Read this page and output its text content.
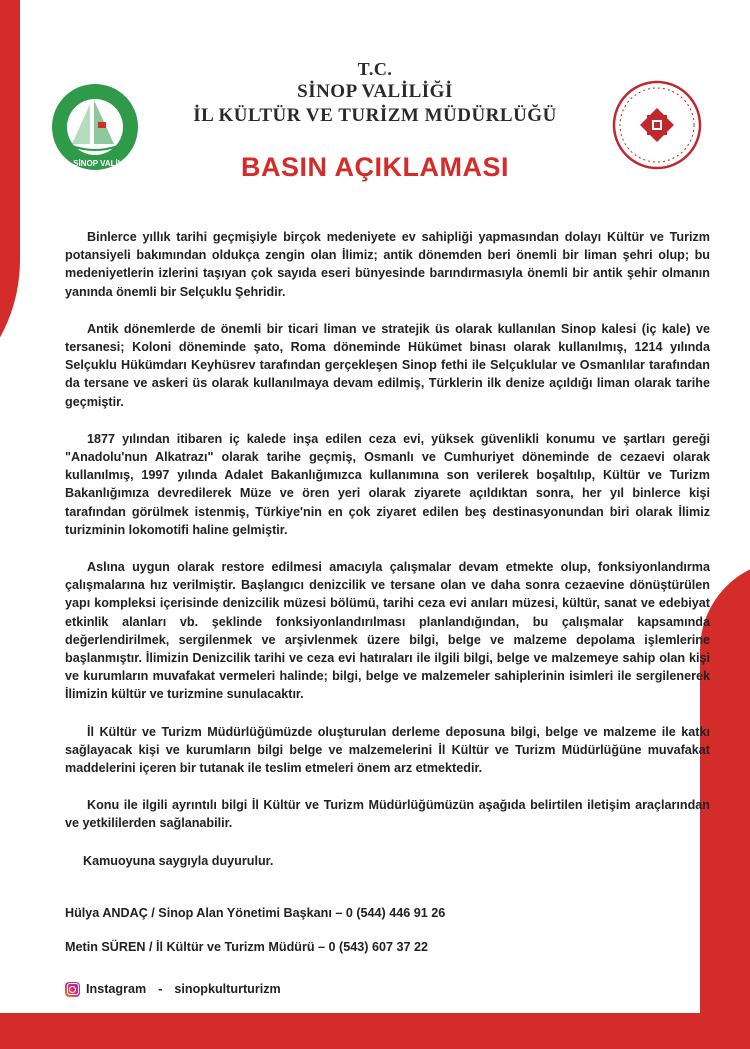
T.C. SİNOP VALİLİĞİ
T.C.
SİNOP VALİLİĞİ
İL KÜLTÜR VE TURİZM MÜDÜRLÜĞÜ
BASIN AÇIKLAMASI

Binlerce yıllık tarihi geçmişiyle birçok medeniyete ev sahipliği yapmasından dolayı Kültür ve Turizm potansiyeli bakımından oldukça zengin olan İlimiz; antik dönemden beri önemli bir liman şehri olup; bu medeniyetlerin izlerini taşıyan çok sayıda eseri bünyesinde barındırmasıyla önemli bir antik şehir olmanın yanında önemli bir Selçuklu Şehridir.

Antik dönemlerde de önemli bir ticari liman ve stratejik üs olarak kullanılan Sinop kalesi (iç kale) ve tersanesi; Koloni döneminde şato, Roma döneminde Hükümet binası olarak kullanılmış, 1214 yılında Selçuklu Hükümdarı Keyhüsrev tarafından gerçekleşen Sinop fethi ile Selçuklular ve Osmanlılar tarafından da tersane ve askeri üs olarak kullanılmaya devam edilmiş, Türklerin ilk denize açıldığı liman olarak tarihe geçmiştir.

1877 yılından itibaren iç kalede inşa edilen ceza evi, yüksek güvenlikli konumu ve şartları gereği "Anadolu'nun Alkatrazı" olarak tarihe geçmiş, Osmanlı ve Cumhuriyet döneminde de cezaevi olarak kullanılmış, 1997 yılında Adalet Bakanlığımızca kullanımına son verilerek boşaltılıp, Kültür ve Turizm Bakanlığımıza devredilerek Müze ve ören yeri olarak ziyarete açıldıktan sonra, her yıl binlerce kişi tarafından görülmek istenmiş, Türkiye'nin en çok ziyaret edilen beş destinasyonundan biri olarak İlimiz turizminin lokomotifi haline gelmiştir.

Aslına uygun olarak restore edilmesi amacıyla çalışmalar devam etmekte olup, fonksiyonlandırma çalışmalarına hız verilmiştir. Başlangıcı denizcilik ve tersane olan ve daha sonra cezaevine dönüştürülen yapı kompleksi içerisinde denizcilik müzesi bölümü, tarihi ceza evi anıları müzesi, kültür, sanat ve edebiyat etkinlik alanları vb. şeklinde fonksiyonlandırılması planlandığından, bu çalışmalar kapsamında değerlendirilmek, sergilenmek ve arşivlenmek üzere bilgi, belge ve malzeme depolama işlemlerine başlanmıştır. İlimizin Denizcilik tarihi ve ceza evi hatıraları ile ilgili bilgi, belge ve malzemeye sahip olan kişi ve kurumların muvafakat vermeleri halinde; bilgi, belge ve malzemeler sahiplerinin isimleri ile sergilenerek İlimizin kültür ve turizmine sunulacaktır.

İl Kültür ve Turizm Müdürlüğümüzde oluşturulan derleme deposuna bilgi, belge ve malzeme ile katkı sağlayacak kişi ve kurumların bilgi belge ve malzemelerini İl Kültür ve Turizm Müdürlüğüne muvafakat maddelerini içeren bir tutanak ile teslim etmeleri önem arz etmektedir.

Konu ile ilgili ayrıntılı bilgi İl Kültür ve Turizm Müdürlüğümüzün aşağıda belirtilen iletişim araçlarından ve yetkililerden sağlanabilir.

Kamuoyuna saygıyla duyurulur.

Hülya ANDAÇ / Sinop Alan Yönetimi Başkanı – 0 (544) 446 91 26
Metin SÜREN / İl Kültür ve Turizm Müdürü – 0 (543) 607 37 22
Instagram - sinopkulturturizm
